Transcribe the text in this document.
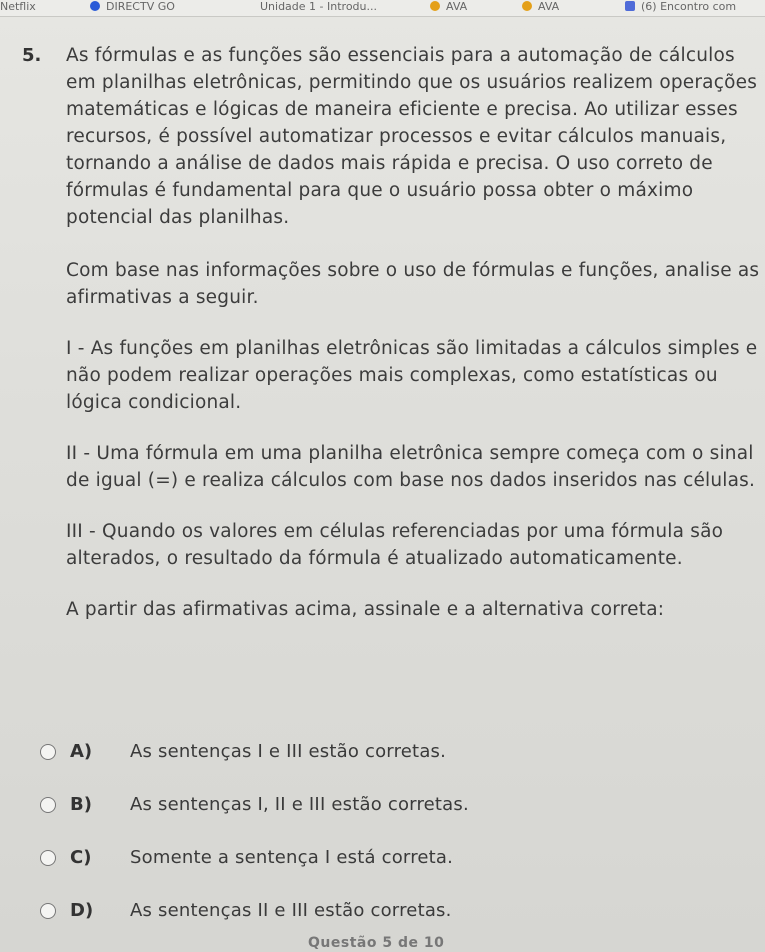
Netflix	DIRECTV GO	Unidade 1 - Introdu...	AVA	AVA	(6) Encontro com
5. As fórmulas e as funções são essenciais para a automação de cálculos em planilhas eletrônicas, permitindo que os usuários realizem operações matemáticas e lógicas de maneira eficiente e precisa. Ao utilizar esses recursos, é possível automatizar processos e evitar cálculos manuais, tornando a análise de dados mais rápida e precisa. O uso correto de fórmulas é fundamental para que o usuário possa obter o máximo potencial das planilhas.

Com base nas informações sobre o uso de fórmulas e funções, analise as afirmativas a seguir.

I - As funções em planilhas eletrônicas são limitadas a cálculos simples e não podem realizar operações mais complexas, como estatísticas ou lógica condicional.

II - Uma fórmula em uma planilha eletrônica sempre começa com o sinal de igual (=) e realiza cálculos com base nos dados inseridos nas células.

III - Quando os valores em células referenciadas por uma fórmula são alterados, o resultado da fórmula é atualizado automaticamente.

A partir das afirmativas acima, assinale e a alternativa correta:

A) As sentenças I e III estão corretas.
B) As sentenças I, II e III estão corretas.
C) Somente a sentença I está correta.
D) As sentenças II e III estão corretas.
Questão 5 de 10
